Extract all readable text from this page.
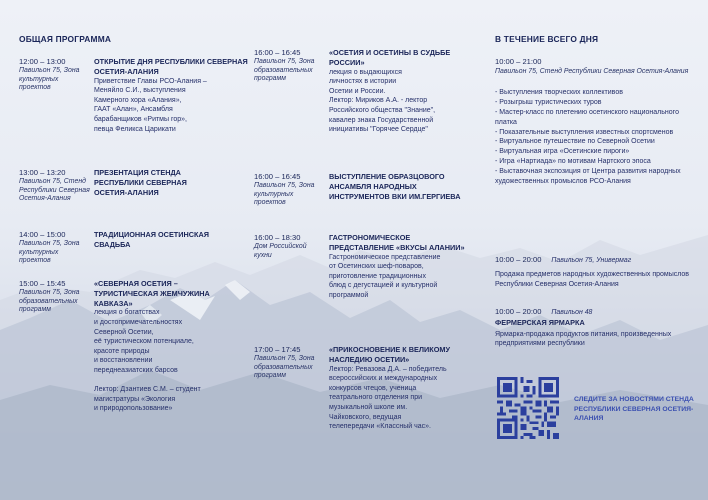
ОБЩАЯ ПРОГРАММА	В ТЕЧЕНИЕ ВСЕГО ДНЯ
12:00 – 13:00
Павильон 75, Зона культурных проектов
ОТКРЫТИЕ ДНЯ РЕСПУБЛИКИ СЕВЕРНАЯ ОСЕТИЯ-АЛАНИЯ
Приветствие Главы РСО-Алания –
Меняйло С.И., выступления
Камерного хора «Алания»,
ГААТ «Алан», Ансамбля
барабанщиков «Ритмы гор»,
певца Феликса Царикати
13:00 – 13:20
Павильон 75, Стенд Республики Северная Осетия-Алания
ПРЕЗЕНТАЦИЯ СТЕНДА РЕСПУБЛИКИ СЕВЕРНАЯ ОСЕТИЯ-АЛАНИЯ
14:00 – 15:00
Павильон 75, Зона культурных проектов
ТРАДИЦИОННАЯ ОСЕТИНСКАЯ СВАДЬБА
15:00 – 15:45
Павильон 75, Зона образовательных программ
«СЕВЕРНАЯ ОСЕТИЯ – ТУРИСТИЧЕСКАЯ ЖЕМЧУЖИНА КАВКАЗА»
лекция о богатствах
и достопримечательностях
Северной Осетии,
eё туристическом потенциале,
красоте природы
и восстановлении
переднеазиатских барсов

Лектор: Дзантиев С.М. – студент
магистратуры «Экология
и природопользование»
16:00 – 16:45
Павильон 75, Зона образовательных программ
«ОСЕТИЯ И ОСЕТИНЫ В СУДЬБЕ РОССИИ»
лекция о выдающихся
личностях в истории
Осетии и России.
Лектор: Мириков А.А. - лектор
Российского общества "Знание",
кавалер знака Государственной
инициативы "Горячее Сердце"
16:00 – 16:45
Павильон 75, Зона культурных проектов
ВЫСТУПЛЕНИЕ ОБРАЗЦОВОГО АНСАМБЛЯ НАРОДНЫХ ИНСТРУМЕНТОВ ВКИ ИМ.ГЕРГИЕВА
16:00 – 18:30
Дом Российской кухни
ГАСТРОНОМИЧЕСКОЕ ПРЕДСТАВЛЕНИЕ «ВКУСЫ АЛАНИИ»
Гастрономическое представление
от Осетинских шеф-поваров,
приготовление традиционных
блюд с дегустацией и культурной
программой
17:00 – 17:45
Павильон 75, Зона образовательных программ
«ПРИКОСНОВЕНИЕ К ВЕЛИКОМУ НАСЛЕДИЮ ОСЕТИИ»
Лектор: Ревазова Д.А. – победитель
всероссийских и международных
конкурсов чтецов, ученица
театрального отделения при
музыкальной школе им.
Чайковского, ведущая
телепередачи «Классный час».
10:00 – 21:00
Павильон 75, Стенд Республики Северная Осетия-Алания
- Выступления творческих коллективов
- Розыгрыш туристических туров
- Мастер-класс по плетению осетинского национального платка
- Показательные выступления известных спортсменов
- Виртуальное путешествие по Северной Осетии
- Виртуальная игра «Осетинские пироги»
- Игра «Нартиада» по мотивам Нартского эпоса
- Выставочная экспозиция от Центра развития народных художественных промыслов РСО-Алания
10:00 – 20:00 Павильон 75, Универмаг
Продажа предметов народных художественных промыслов Республики Северная Осетия-Алания
10:00 – 20:00 Павильон 48
ФЕРМЕРСКАЯ ЯРМАРКА
Ярмарка-продажа продуктов питания, произведенных предприятиями республики
СЛЕДИТЕ ЗА НОВОСТЯМИ СТЕНДА РЕСПУБЛИКИ СЕВЕРНАЯ ОСЕТИЯ-АЛАНИЯ
